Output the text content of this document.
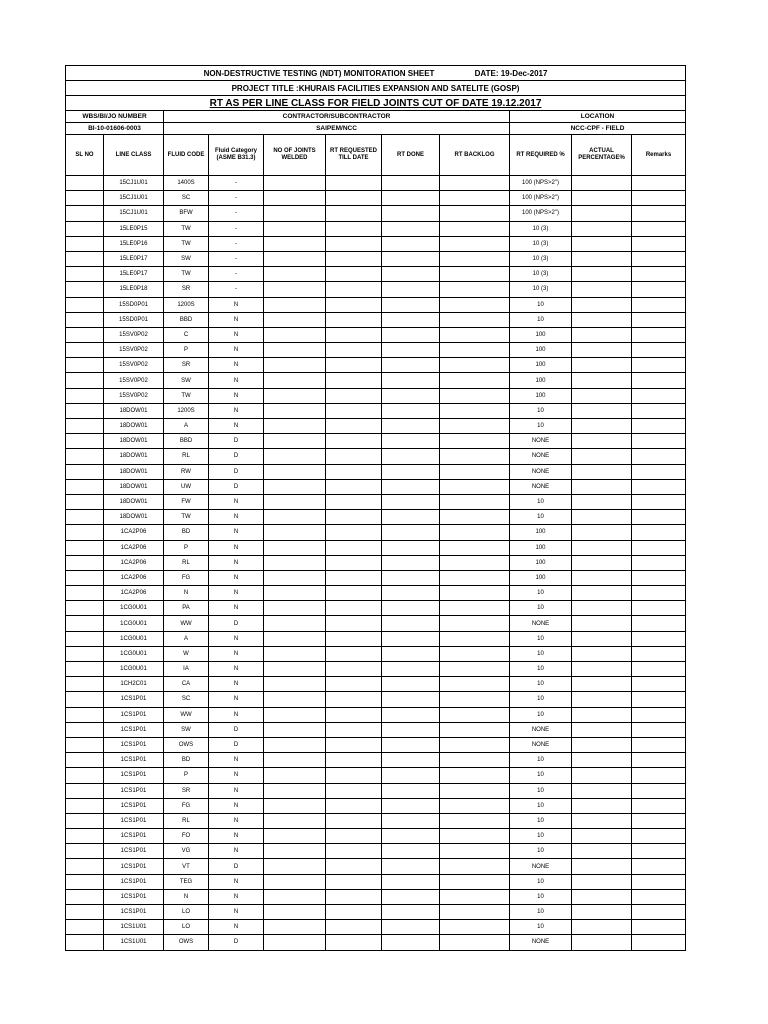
NON-DESTRUCTIVE TESTING (NDT) MONITORATION SHEET DATE: 19-Dec-2017										
PROJECT TITLE :KHURAIS FACILITIES EXPANSION AND SATELITE (GOSP)										
RT AS PER LINE CLASS FOR FIELD JOINTS CUT OF DATE 19.12.2017										
WBS/BI/JO NUMBER		CONTRACTOR/SUBCONTRACTOR						LOCATION		
BI-10-01606-0003		SAIPEM/NCC						NCC-CPF - FIELD		
SL NO	LINE CLASS	FLUID CODE	Fluid Category (ASME B31.3)	NO OF JOINTS WELDED	RT REQUESTED TILL DATE	RT DONE	RT BACKLOG	RT REQUIRED %	ACTUAL PERCENTAGE%	Remarks
	15CJ1U01	1400S	-					100 (NPS>2")		
	15CJ1U01	SC	-					100 (NPS>2")		
	15CJ1U01	BFW	-					100 (NPS>2")		
	15LE0P15	TW	-					10 (3)		
	15LE0P16	TW	-					10 (3)		
	15LE0P17	SW	-					10 (3)		
	15LE0P17	TW	-					10 (3)		
	15LE0P18	SR	-					10 (3)		
	15SD0P01	1200S	N					10		
	15SD0P01	BBD	N					10		
	15SV0P02	C	N					100		
	15SV0P02	P	N					100		
	15SV0P02	SR	N					100		
	15SV0P02	SW	N					100		
	15SV0P02	TW	N					100		
	18DOW01	1200S	N					10		
	18DOW01	A	N					10		
	18DOW01	BBD	D					NONE		
	18DOW01	RL	D					NONE		
	18DOW01	RW	D					NONE		
	18DOW01	UW	D					NONE		
	18DOW01	FW	N					10		
	18DOW01	TW	N					10		
	1CA2P06	BD	N					100		
	1CA2P06	P	N					100		
	1CA2P06	RL	N					100		
	1CA2P06	FG	N					100		
	1CA2P06	N	N					10		
	1CG0U01	PA	N					10		
	1CG0U01	WW	D					NONE		
	1CG0U01	A	N					10		
	1CG0U01	W	N					10		
	1CG0U01	IA	N					10		
	1CH2C01	CA	N					10		
	1CS1P01	SC	N					10		
	1CS1P01	WW	N					10		
	1CS1P01	SW	D					NONE		
	1CS1P01	OWS	D					NONE		
	1CS1P01	BD	N					10		
	1CS1P01	P	N					10		
	1CS1P01	SR	N					10		
	1CS1P01	FG	N					10		
	1CS1P01	RL	N					10		
	1CS1P01	FO	N					10		
	1CS1P01	VG	N					10		
	1CS1P01	VT	D					NONE		
	1CS1P01	TEG	N					10		
	1CS1P01	N	N					10		
	1CS1P01	LO	N					10		
	1CS1U01	LO	N					10		
	1CS1U01	OWS	D					NONE		
